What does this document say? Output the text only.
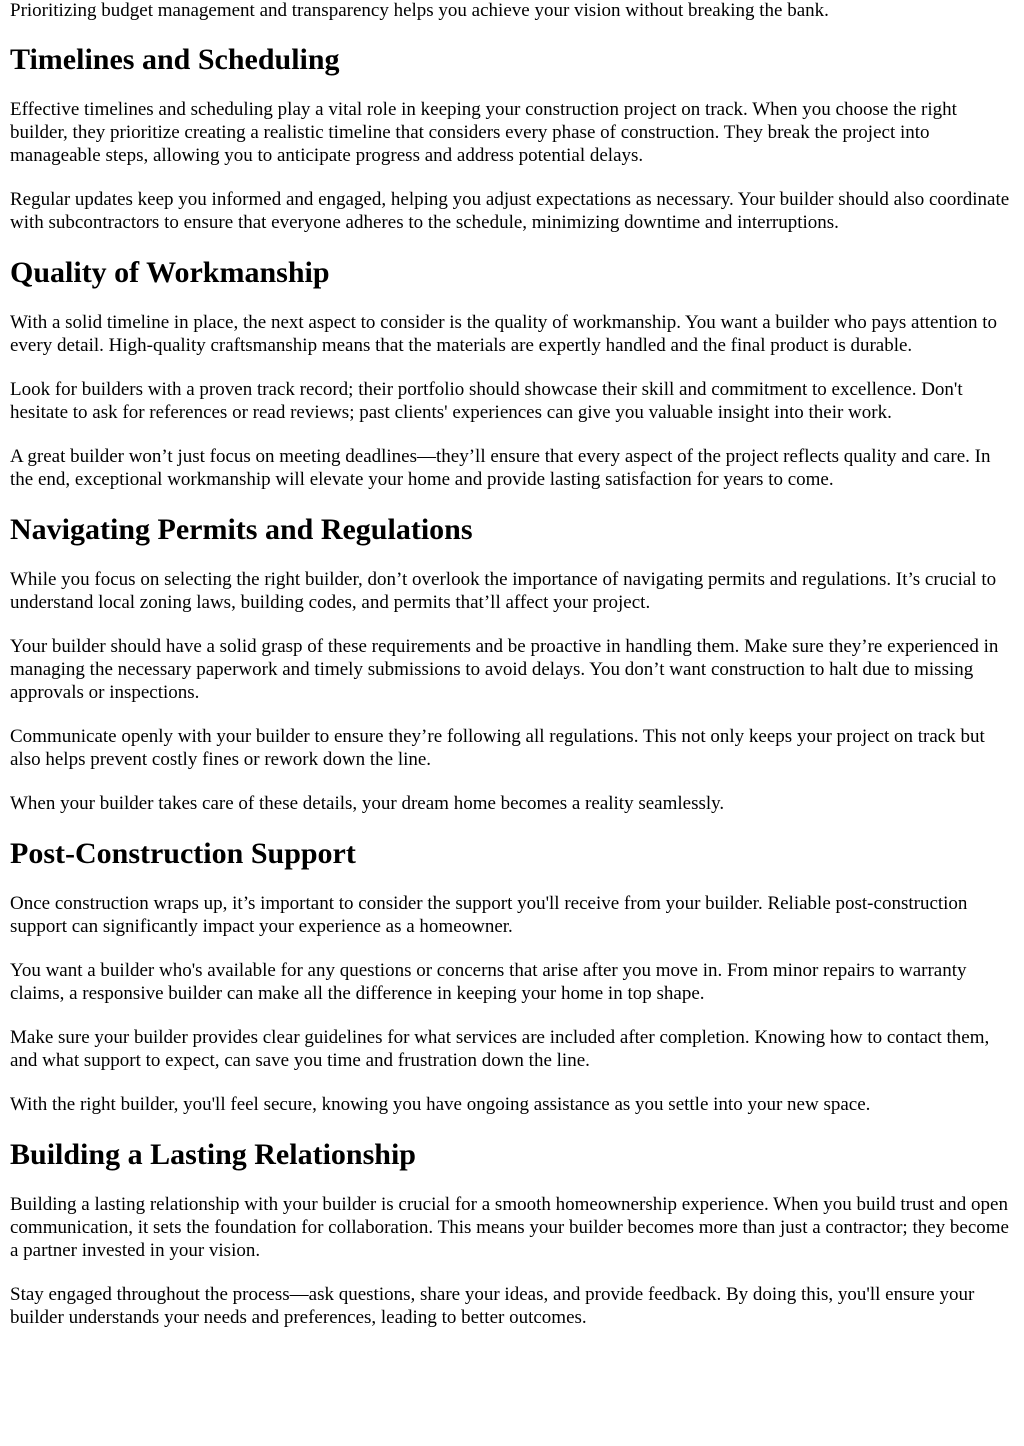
Prioritizing budget management and transparency helps you achieve your vision without breaking the bank.

Timelines and Scheduling

Effective timelines and scheduling play a vital role in keeping your construction project on track. When you choose the right builder, they prioritize creating a realistic timeline that considers every phase of construction. They break the project into manageable steps, allowing you to anticipate progress and address potential delays.

Regular updates keep you informed and engaged, helping you adjust expectations as necessary. Your builder should also coordinate with subcontractors to ensure that everyone adheres to the schedule, minimizing downtime and interruptions.

Quality of Workmanship

With a solid timeline in place, the next aspect to consider is the quality of workmanship. You want a builder who pays attention to every detail. High-quality craftsmanship means that the materials are expertly handled and the final product is durable.

Look for builders with a proven track record; their portfolio should showcase their skill and commitment to excellence. Don't hesitate to ask for references or read reviews; past clients' experiences can give you valuable insight into their work.

A great builder won’t just focus on meeting deadlines—they’ll ensure that every aspect of the project reflects quality and care. In the end, exceptional workmanship will elevate your home and provide lasting satisfaction for years to come.

Navigating Permits and Regulations

While you focus on selecting the right builder, don’t overlook the importance of navigating permits and regulations. It’s crucial to understand local zoning laws, building codes, and permits that’ll affect your project.

Your builder should have a solid grasp of these requirements and be proactive in handling them. Make sure they’re experienced in managing the necessary paperwork and timely submissions to avoid delays. You don’t want construction to halt due to missing approvals or inspections.

Communicate openly with your builder to ensure they’re following all regulations. This not only keeps your project on track but also helps prevent costly fines or rework down the line.

When your builder takes care of these details, your dream home becomes a reality seamlessly.

Post-Construction Support

Once construction wraps up, it’s important to consider the support you'll receive from your builder. Reliable post-construction support can significantly impact your experience as a homeowner.

You want a builder who's available for any questions or concerns that arise after you move in. From minor repairs to warranty claims, a responsive builder can make all the difference in keeping your home in top shape.

Make sure your builder provides clear guidelines for what services are included after completion. Knowing how to contact them, and what support to expect, can save you time and frustration down the line.

With the right builder, you'll feel secure, knowing you have ongoing assistance as you settle into your new space.

Building a Lasting Relationship

Building a lasting relationship with your builder is crucial for a smooth homeownership experience. When you build trust and open communication, it sets the foundation for collaboration. This means your builder becomes more than just a contractor; they become a partner invested in your vision.

Stay engaged throughout the process—ask questions, share your ideas, and provide feedback. By doing this, you'll ensure your builder understands your needs and preferences, leading to better outcomes.
